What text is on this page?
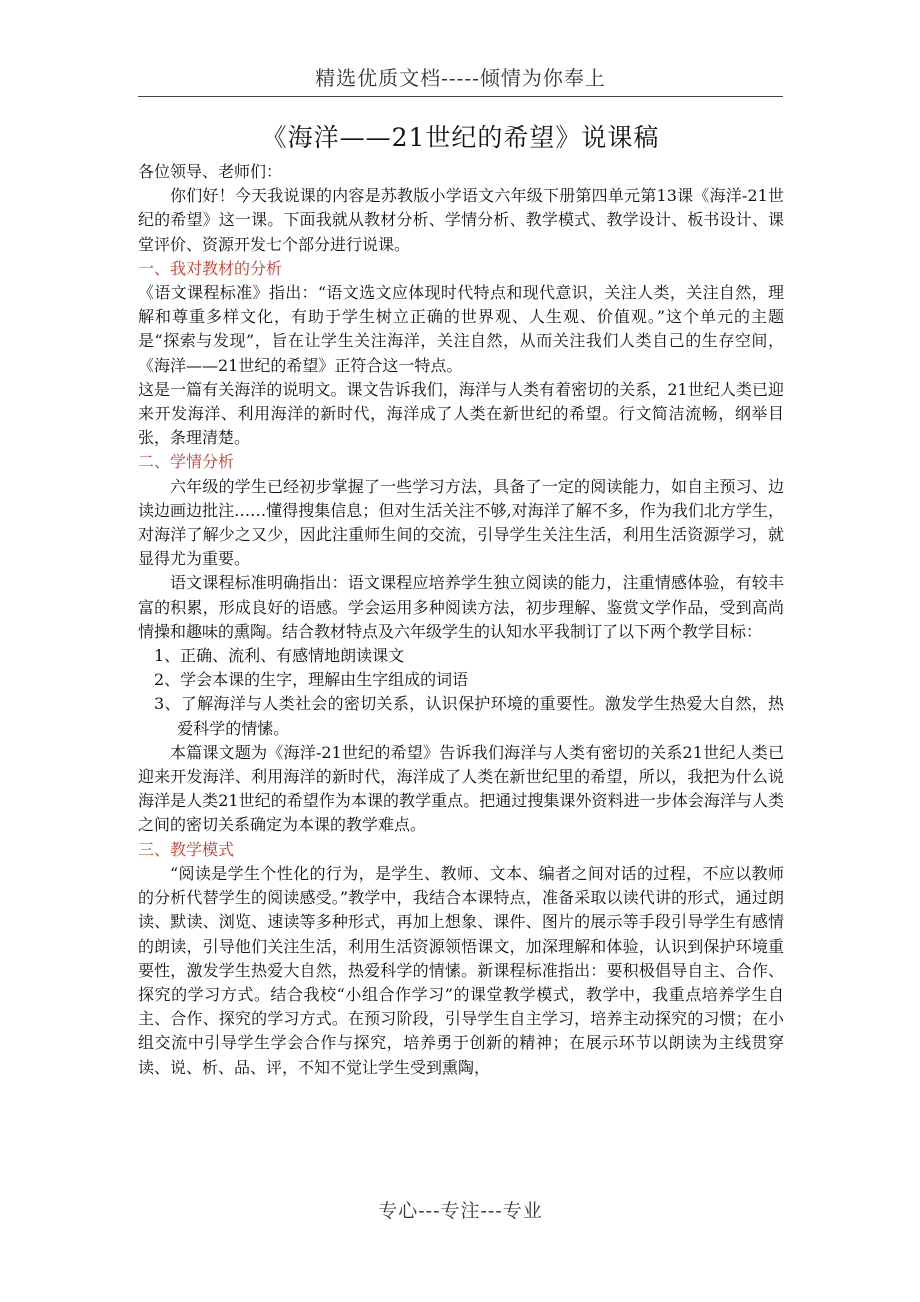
精选优质文档-----倾情为你奉上
《海洋——21世纪的希望》说课稿

各位领导、老师们：

你们好！今天我说课的内容是苏教版小学语文六年级下册第四单元第13课《海洋-21世纪的希望》这一课。下面我就从教材分析、学情分析、教学模式、教学设计、板书设计、课堂评价、资源开发七个部分进行说课。

一、我对教材的分析

《语文课程标准》指出：“语文选文应体现时代特点和现代意识，关注人类，关注自然，理解和尊重多样文化，有助于学生树立正确的世界观、人生观、价值观。”这个单元的主题是“探索与发现”，旨在让学生关注海洋，关注自然，从而关注我们人类自己的生存空间，《海洋——21世纪的希望》正符合这一特点。

这是一篇有关海洋的说明文。课文告诉我们，海洋与人类有着密切的关系，21世纪人类已迎来开发海洋、利用海洋的新时代，海洋成了人类在新世纪的希望。行文简洁流畅，纲举目张，条理清楚。

二、学情分析

六年级的学生已经初步掌握了一些学习方法，具备了一定的阅读能力，如自主预习、边读边画边批注……懂得搜集信息；但对生活关注不够,对海洋了解不多，作为我们北方学生，对海洋了解少之又少，因此注重师生间的交流，引导学生关注生活，利用生活资源学习，就显得尤为重要。

语文课程标准明确指出：语文课程应培养学生独立阅读的能力，注重情感体验，有较丰富的积累，形成良好的语感。学会运用多种阅读方法，初步理解、鉴赏文学作品，受到高尚情操和趣味的熏陶。结合教材特点及六年级学生的认知水平我制订了以下两个教学目标：

1、正确、流利、有感情地朗读课文

2、学会本课的生字，理解由生字组成的词语

3、了解海洋与人类社会的密切关系，认识保护环境的重要性。激发学生热爱大自然，热爱科学的情愫。

本篇课文题为《海洋-21世纪的希望》告诉我们海洋与人类有密切的关系21世纪人类已迎来开发海洋、利用海洋的新时代，海洋成了人类在新世纪里的希望，所以，我把为什么说海洋是人类21世纪的希望作为本课的教学重点。把通过搜集课外资料进一步体会海洋与人类之间的密切关系确定为本课的教学难点。

三、教学模式

“阅读是学生个性化的行为，是学生、教师、文本、编者之间对话的过程，不应以教师的分析代替学生的阅读感受。”教学中，我结合本课特点，准备采取以读代讲的形式，通过朗读、默读、浏览、速读等多种形式，再加上想象、课件、图片的展示等手段引导学生有感情的朗读，引导他们关注生活，利用生活资源领悟课文，加深理解和体验，认识到保护环境重要性，激发学生热爱大自然，热爱科学的情愫。新课程标准指出：要积极倡导自主、合作、探究的学习方式。结合我校“小组合作学习”的课堂教学模式，教学中，我重点培养学生自主、合作、探究的学习方式。在预习阶段，引导学生自主学习，培养主动探究的习惯；在小组交流中引导学生学会合作与探究，培养勇于创新的精神；在展示环节以朗读为主线贯穿读、说、析、品、评，不知不觉让学生受到熏陶，

专心---专注---专业
